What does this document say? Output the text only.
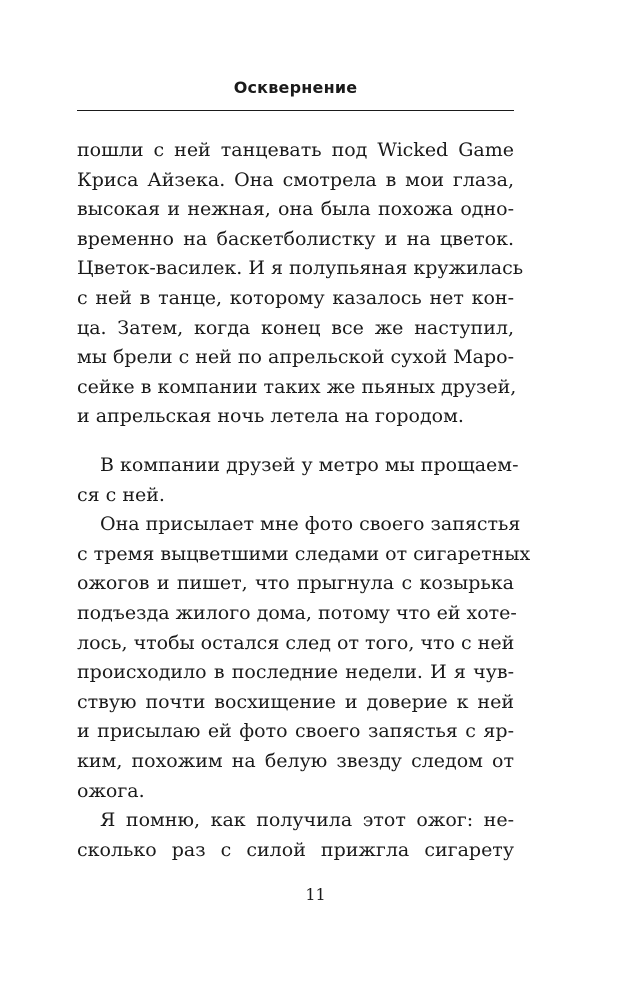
Осквернение
пошли с ней танцевать под Wicked Game
Криса Айзека. Она смотрела в мои глаза,
высокая и нежная, она была похожа одно-
временно на баскетболистку и на цветок.
Цветок-василек. И я полупьяная кружилась
с ней в танце, которому казалось нет кон-
ца. Затем, когда конец все же наступил,
мы брели с ней по апрельской сухой Маро-
сейке в компании таких же пьяных друзей,
и апрельская ночь летела на городом.
В компании друзей у метро мы прощаем-
ся с ней.
Она присылает мне фото своего запястья
с тремя выцветшими следами от сигаретных
ожогов и пишет, что прыгнула с козырька
подъезда жилого дома, потому что ей хоте-
лось, чтобы остался след от того, что с ней
происходило в последние недели. И я чув-
ствую почти восхищение и доверие к ней
и присылаю ей фото своего запястья с яр-
ким, похожим на белую звезду следом от
ожога.
Я помню, как получила этот ожог: не-
сколько раз с силой прижгла сигарету
11
